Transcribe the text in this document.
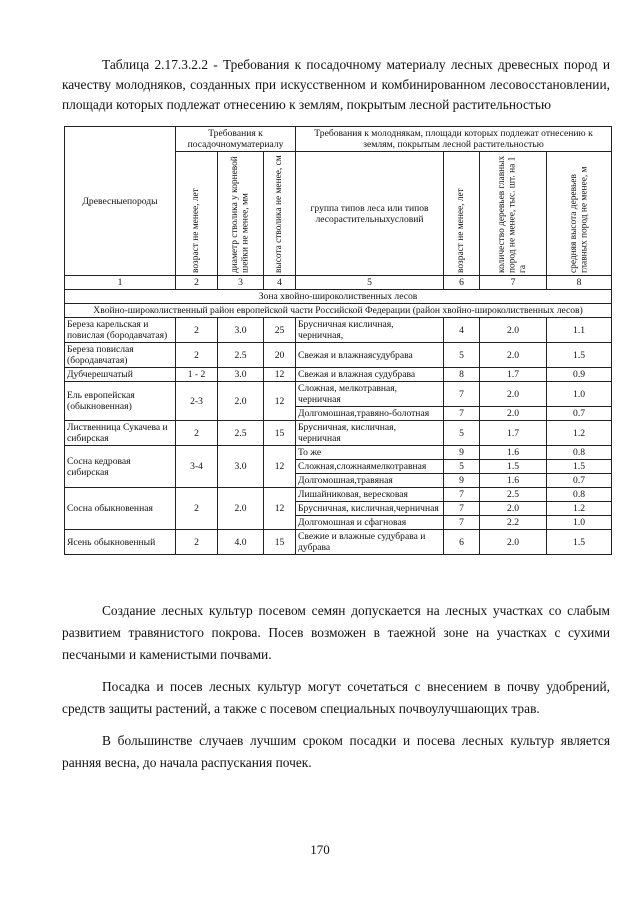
Таблица 2.17.3.2.2 - Требования к посадочному материалу лесных древесных пород и качеству молодняков, созданных при искусственном и комбинированном лесовосстановлении, площади которых подлежат отнесению к землям, покрытым лесной растительностью
Древесныепороды	Требования к посадочномуматериалу			Требования к молоднякам, площади которых подлежат отнесению к землям, покрытым лесной растительностью			

	возраст не менее, лет	диаметр стволика у корневой шейки не менее, мм	высота стволика не менее, см	группа типов леса или типов лесорастительныхусловий	возраст не менее, лет	количество деревьев главных пород не менее, тыс. шт. на 1 га	средняя высота деревьев главных пород не менее, м

1	2	3	4	5	6	7	8
Зона хвойно-широколиственных лесов							
Хвойно-широколиственный район европейской части Российской Федерации (район хвойно-широколиственных лесов)							
Береза карельская и повислая (бородавчатая)	2	3.0	25	Брусничная кисличная, черничная,	4	2.0	1.1
Береза повислая (бородавчатая)	2	2.5	20	Свежая и влажнаясудубрава	5	2.0	1.5
Дубчерешчатый	1 - 2	3.0	12	Свежая и влажная судубрава	8	1.7	0.9
Ель европейская (обыкновенная)	2-3	2.0	12	Сложная, мелкотравная, черничная	7	2.0	1.0
				Долгомошная,травяно-болотная	7	2.0	0.7
Лиственница Сукачева и сибирская	2	2.5	15	Брусничная, кисличная, черничная	5	1.7	1.2
Сосна кедровая сибирская	3-4	3.0	12	То же	9	1.6	0.8
				Сложная,сложнаямелкотравная	5	1.5	1.5
				Долгомошная,травяная	9	1.6	0.7
Сосна обыкновенная	2	2.0	12	Лишайниковая, вересковая	7	2.5	0.8
				Брусничная, кисличная,черничная	7	2.0	1.2
				Долгомошная и сфагновая	7	2.2	1.0
Ясень обыкновенный	2	4.0	15	Свежие и влажные судубрава и дубрава	6	2.0	1.5
Создание лесных культур посевом семян допускается на лесных участках со слабым развитием травянистого покрова. Посев возможен в таежной зоне на участках с сухими песчаными и каменистыми почвами.
Посадка и посев лесных культур могут сочетаться с внесением в почву удобрений, средств защиты растений, а также с посевом специальных почвоулучшающих трав.
В большинстве случаев лучшим сроком посадки и посева лесных культур является ранняя весна, до начала распускания почек.
170
